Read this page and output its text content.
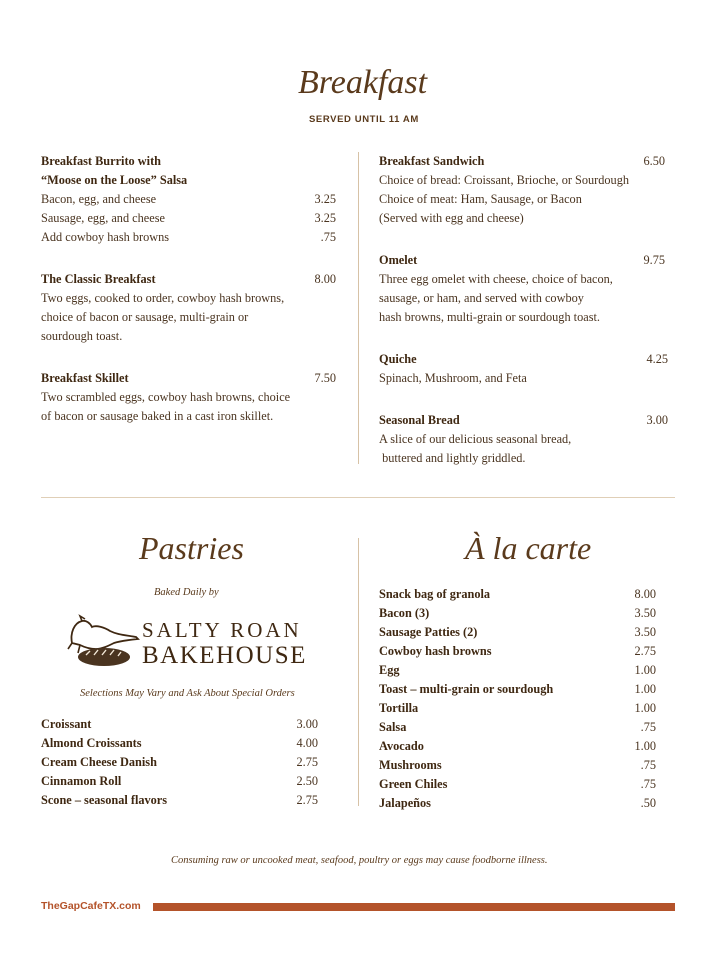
Breakfast
SERVED UNTIL 11 AM
Breakfast Burrito with
“Moose on the Loose” Salsa
Bacon, egg, and cheese	3.25
Sausage, egg, and cheese	3.25
Add cowboy hash browns	.75
The Classic Breakfast	8.00
Two eggs, cooked to order, cowboy hash browns,
choice of bacon or sausage, multi-grain or
sourdough toast.
Breakfast Skillet	7.50
Two scrambled eggs, cowboy hash browns, choice
of bacon or sausage baked in a cast iron skillet.
Breakfast Sandwich	6.50
Choice of bread: Croissant, Brioche, or Sourdough
Choice of meat: Ham, Sausage, or Bacon
(Served with egg and cheese)
Omelet	9.75
Three egg omelet with cheese, choice of bacon,
sausage, or ham, and served with cowboy
hash browns, multi-grain or sourdough toast.
Quiche	4.25
Spinach, Mushroom, and Feta
Seasonal Bread	3.00
A slice of our delicious seasonal bread,
buttered and lightly griddled.
Pastries
Baked Daily by
SALTY ROAN
BAKEHOUSE
Selections May Vary and Ask About Special Orders
Croissant	3.00
Almond Croissants	4.00
Cream Cheese Danish	2.75
Cinnamon Roll	2.50
Scone – seasonal flavors	2.75
À la carte
Snack bag of granola	8.00
Bacon (3)	3.50
Sausage Patties (2)	3.50
Cowboy hash browns	2.75
Egg	1.00
Toast – multi-grain or sourdough	1.00
Tortilla	1.00
Salsa	.75
Avocado	1.00
Mushrooms	.75
Green Chiles	.75
Jalapeños	.50
Consuming raw or uncooked meat, seafood, poultry or eggs may cause foodborne illness.
TheGapCafeTX.com
